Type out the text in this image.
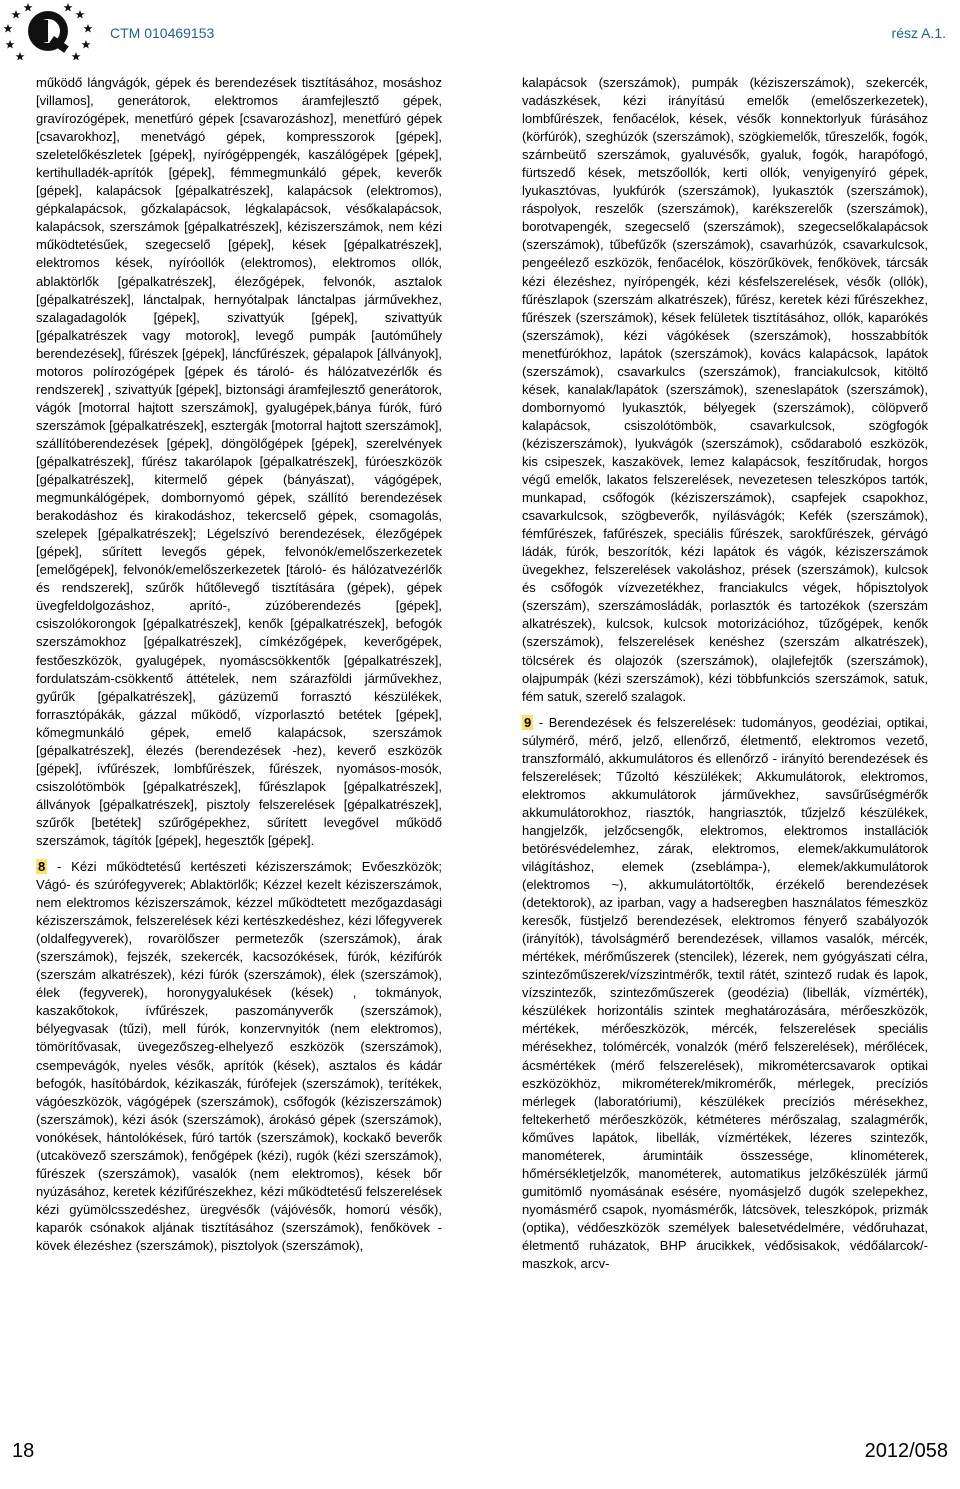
CTM 010469153	rész A.1.

működő lángvágók, gépek és berendezések tisztításához, mosáshoz [villamos], generátorok, elektromos áramfejlesztő gépek, gravírozógépek, menetfúró gépek [csavarozáshoz], menetfúró gépek [csavarokhoz], menetvágó gépek, kompresszorok [gépek], szeletelőkészletek [gépek], nyírógéppengék, kaszálógépek [gépek], kertihulladék-aprítók [gépek], fémmegmunkáló gépek, keverők [gépek], kalapácsok [gépalkatrészek], kalapácsok (elektromos), gépkalapácsok, gőzkalapácsok, légkalapácsok, vésőkalapácsok, kalapácsok, szerszámok [gépalkatrészek], kéziszerszámok, nem kézi működtetésűek, szegecselő [gépek], kések [gépalkatrészek], elektromos kések, nyíróollók (elektromos), elektromos ollók, ablaktörlők [gépalkatrészek], élezőgépek, felvonók, asztalok [gépalkatrészek], lánctalpak, hernyótalpak lánctalpas járművekhez, szalagadagolók [gépek], szivattyúk [gépek], szivattyúk [gépalkatrészek vagy motorok], levegő pumpák [autóműhely berendezések], fűrészek [gépek], láncfűrészek, gépalapok [állványok], motoros polírozógépek [gépek és tároló- és hálózatvezérlők és rendszerek] , szivattyúk [gépek], biztonsági áramfejlesztő generátorok, vágók [motorral hajtott szerszámok], gyalugépek,bánya fúrók, fúró szerszámok [gépalkatrészek], esztergák [motorral hajtott szerszámok], szállítóberendezések [gépek], döngölőgépek [gépek], szerelvények [gépalkatrészek], fűrész takarólapok [gépalkatrészek], fúróeszközök [gépalkatrészek], kitermelő gépek (bányászat), vágógépek, megmunkálógépek, dombornyomó gépek, szállító berendezések berakodáshoz és kirakodáshoz, tekercselő gépek, csomagolás, szelepek [gépalkatrészek]; Légelszívó berendezések, élezőgépek [gépek], sűrített levegős gépek, felvonók/emelőszerkezetek [emelőgépek], felvonók/emelőszerkezetek [tároló- és hálózatvezérlők és rendszerek], szűrők hűtőlevegő tisztítására (gépek), gépek üvegfeldolgozáshoz, aprító-, zúzóberendezés [gépek], csiszolókorongok [gépalkatrészek], kenők [gépalkatrészek], befogók szerszámokhoz [gépalkatrészek], címkézőgépek, keverőgépek, festőeszközök, gyalugépek, nyomáscsökkentők [gépalkatrészek], fordulatszám-csökkentő áttételek, nem szárazföldi járművekhez, gyűrűk [gépalkatrészek], gázüzemű forrasztó készülékek, forrasztópákák, gázzal működő, vízporlasztó betétek [gépek], kőmegmunkáló gépek, emelő kalapácsok, szerszámok [gépalkatrészek], élezés (berendezések -hez), keverő eszközök [gépek], ívfűrészek, lombfűrészek, fűrészek, nyomásos-mosók, csiszolótömbök [gépalkatrészek], fűrészlapok [gépalkatrészek], állványok [gépalkatrészek], pisztoly felszerelések [gépalkatrészek], szűrők [betétek] szűrőgépekhez, sűrített levegővel működő szerszámok, tágítók [gépek], hegesztők [gépek].

8 - Kézi működtetésű kertészeti kéziszerszámok; Evőeszközök; Vágó- és szúrófegyverek; Ablaktörlők; Kézzel kezelt kéziszerszámok, nem elektromos kéziszerszámok, kézzel működtetett mezőgazdasági kéziszerszámok, felszerelések kézi kertészkedéshez, kézi lőfegyverek (oldalfegyverek), rovarölőszer permetezők (szerszámok), árak (szerszámok), fejszék, szekercék, kacsozókések, fúrók, kézifúrók (szerszám alkatrészek), kézi fúrók (szerszámok), élek (szerszámok), élek (fegyverek), horonygyalukések (kések) , tokmányok, kaszakőtokok, ívfűrészek, paszományverők (szerszámok), bélyegvasak (tűzi), mell fúrók, konzervnyitók (nem elektromos), tömörítővasak, üvegezőszeg-elhelyező eszközök (szerszámok), csempevágók, nyeles vésők, aprítók (kések), asztalos és kádár befogók, hasítóbárdok, kézikaszák, fúrófejek (szerszámok), terítékek, vágóeszközök, vágógépek (szerszámok), csőfogók (kéziszerszámok) (szerszámok), kézi ásók (szerszámok), árokásó gépek (szerszámok), vonókések, hántolókések, fúró tartók (szerszámok), kockakő beverők (utcakövező szerszámok), fenőgépek (kézi), rugók (kézi szerszámok), fűrészek (szerszámok), vasalók (nem elektromos), kések bőr nyúzásához, keretek kézifűrészekhez, kézi működtetésű felszerelések kézi gyümölcsszedéshez, üregvésők (vájóvésők, homorú vésők), kaparók csónakok aljának tisztításához (szerszámok), fenőkövek - kövek élezéshez (szerszámok), pisztolyok (szerszámok),

kalapácsok (szerszámok), pumpák (kéziszerszámok), szekercék, vadászkések, kézi irányítású emelők (emelőszerkezetek), lombfűrészek, fenőacélok, kések, vésők konnektorlyuk fúrásához (körfúrók), szeghúzók (szerszámok), szögkiemelők, tűreszelők, fogók, szárnbeütő szerszámok, gyaluvésők, gyaluk, fogók, harapófogó, fürtszedő kések, metszőollók, kerti ollók, venyigenyíró gépek, lyukasztóvas, lyukfúrók (szerszámok), lyukasztók (szerszámok), ráspolyok, reszelők (szerszámok), karékszerelők (szerszámok), borotvapengék, szegecselő (szerszámok), szegecselőkalapácsok (szerszámok), tűbefűzők (szerszámok), csavarhúzók, csavarkulcsok, pengeélező eszközök, fenőacélok, köszörűkövek, fenőkövek, tárcsák kézi élezéshez, nyírópengék, kézi késfelszerelések, vésők (ollók), fűrészlapok (szerszám alkatrészek), fűrész, keretek kézi fűrészekhez, fűrészek (szerszámok), kések felületek tisztításához, ollók, kaparókés (szerszámok), kézi vágókések (szerszámok), hosszabbítók menetfúrókhoz, lapátok (szerszámok), kovács kalapácsok, lapátok (szerszámok), csavarkulcs (szerszámok), franciakulcsok, kitöltő kések, kanalak/lapátok (szerszámok), szeneslapátok (szerszámok), dombornyomó lyukasztók, bélyegek (szerszámok), cölöpverő kalapácsok, csiszolótömbök, csavarkulcsok, szögfogók (kéziszerszámok), lyukvágók (szerszámok), csődaraboló eszközök, kis csipeszek, kaszakövek, lemez kalapácsok, feszítőrudak, horgos végű emelők, lakatos felszerelések, nevezetesen teleszkópos tartók, munkapad, csőfogók (kéziszerszámok), csapfejek csapokhoz, csavarkulcsok, szögbeverők, nyílásvágók; Kefék (szerszámok), fémfűrészek, fafűrészek, speciális fűrészek, sarokfűrészek, gérvágó ládák, fúrók, beszorítók, kézi lapátok és vágók, kéziszerszámok üvegekhez, felszerelések vakoláshoz, prések (szerszámok), kulcsok és csőfogók vízvezetékhez, franciakulcs végek, hőpisztolyok (szerszám), szerszámosládák, porlasztók és tartozékok (szerszám alkatrészek), kulcsok, kulcsok motorizációhoz, tűzőgépek, kenők (szerszámok), felszerelések kenéshez (szerszám alkatrészek), tölcsérek és olajozók (szerszámok), olajlefejtők (szerszámok), olajpumpák (kézi szerszámok), kézi többfunkciós szerszámok, satuk, fém satuk, szerelő szalagok.

9 - Berendezések és felszerelések: tudományos, geodéziai, optikai, súlymérő, mérő, jelző, ellenőrző, életmentő, elektromos vezető, transzformáló, akkumulátoros és ellenőrző - irányító berendezések és felszerelések; Tűzoltó készülékek; Akkumulátorok, elektromos, elektromos akkumulátorok járművekhez, savsűrűségmérők akkumulátorokhoz, riasztók, hangriasztók, tűzjelző készülékek, hangjelzők, jelzőcsengők, elektromos, elektromos installációk betörésvédelemhez, zárak, elektromos, elemek/akkumulátorok világításhoz, elemek (zseblámpa-), elemek/akkumulátorok (elektromos ~), akkumulátortöltők, érzékelő berendezések (detektorok), az iparban, vagy a hadseregben használatos fémeszköz keresők, füstjelző berendezések, elektromos fényerő szabályozók (irányítók), távolságmérő berendezések, villamos vasalók, mércék, mértékek, mérőműszerek (stencilek), lézerek, nem gyógyászati célra, szintezőműszerek/vízszintmérők, textil rátét, szintező rudak és lapok, vízszintezők, szintezőműszerek (geodézia) (libellák, vízmérték), készülékek horizontális szintek meghatározására, mérőeszközök, mértékek, mérőeszközök, mércék, felszerelések speciális mérésekhez, tolómércék, vonalzók (mérő felszerelések), mérőlécek, ácsmértékek (mérő felszerelések), mikrométercsavarok optikai eszközökhöz, mikrométerek/mikromérők, mérlegek, precíziós mérlegek (laboratóriumi), készülékek precíziós mérésekhez, feltekerhető mérőeszközök, kétméteres mérőszalag, szalagmérők, kőműves lapátok, libellák, vízmértékek, lézeres szintezők, manométerek, árumintáik összessége, klinométerek, hőmérsékletjelzők, manométerek, automatikus jelzőkészülék jármű gumitömlő nyomásának esésére, nyomásjelző dugók szelepekhez, nyomásmérő csapok, nyomásmérők, látcsövek, teleszkópok, prizmák (optika), védőeszközök személyek balesetvédelmére, védőruhazat, életmentő ruházatok, BHP árucikkek, védősisakok, védőálarcok/-maszkok, arcv-

18	2012/058
